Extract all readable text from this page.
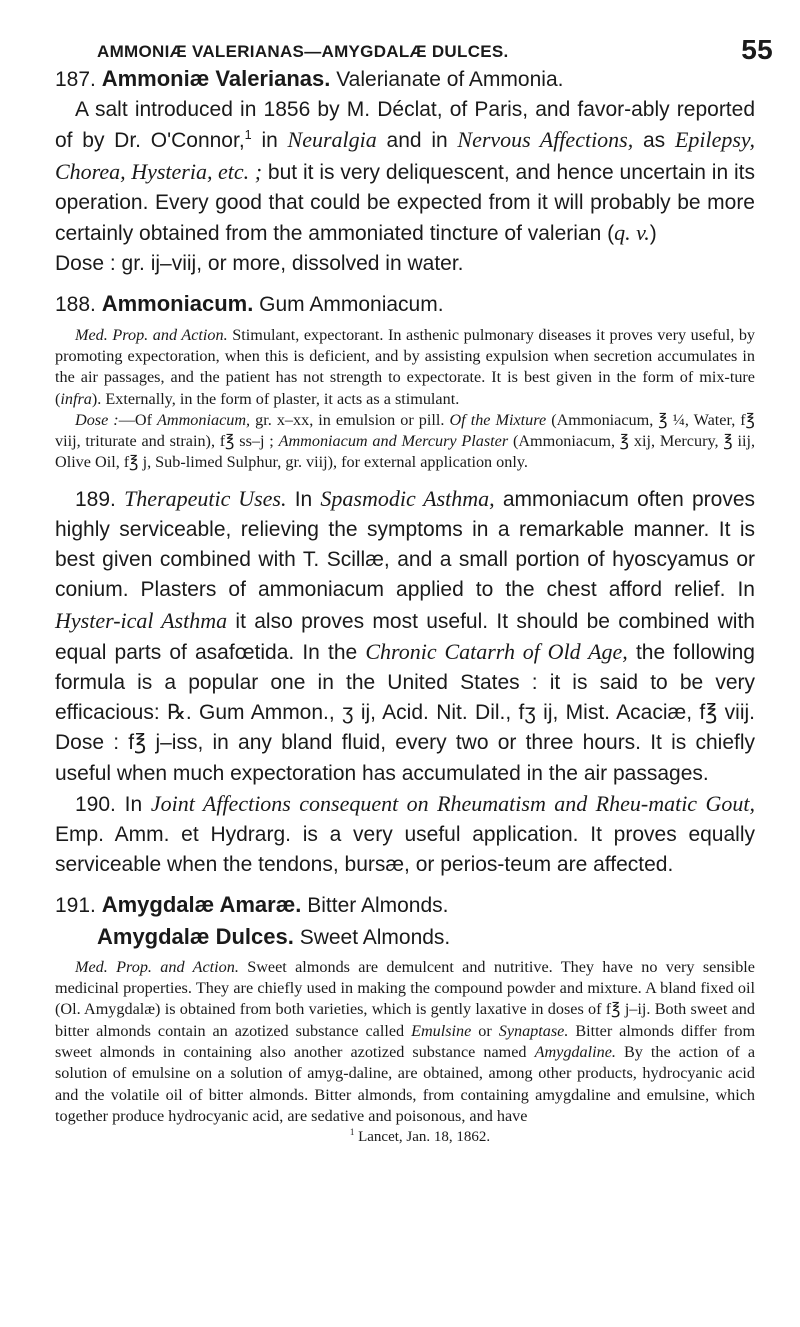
AMMONIÆ VALERIANAS—AMYGDALÆ DULCES.	55

187. Ammoniæ Valerianas. Valerianate of Ammonia.

A salt introduced in 1856 by M. Déclat, of Paris, and favor-ably reported of by Dr. O'Connor,$^1$ in Neuralgia and in Nervous Affections, as Epilepsy, Chorea, Hysteria, etc. ; but it is very deliquescent, and hence uncertain in its operation. Every good that could be expected from it will probably be more certainly obtained from the ammoniated tincture of valerian (q. v.)
Dose : gr. ij–viij, or more, dissolved in water.

188. Ammoniacum. Gum Ammoniacum.

Med. Prop. and Action. Stimulant, expectorant. In asthenic pulmonary diseases it proves very useful, by promoting expectoration, when this is deficient, and by assisting expulsion when secretion accumulates in the air passages, and the patient has not strength to expectorate. It is best given in the form of mix-ture (infra). Externally, in the form of plaster, it acts as a stimulant.

Dose :—Of Ammoniacum, gr. x–xx, in emulsion or pill. Of the Mixture (Ammoniacum, ℥ ¼, Water, f℥ viij, triturate and strain), f℥ ss–j ; Ammoniacum and Mercury Plaster (Ammoniacum, ℥ xij, Mercury, ℥ iij, Olive Oil, f℥ j, Sub-limed Sulphur, gr. viij), for external application only.

189. Therapeutic Uses. In Spasmodic Asthma, ammoniacum often proves highly serviceable, relieving the symptoms in a remarkable manner. It is best given combined with T. Scillæ, and a small portion of hyoscyamus or conium. Plasters of ammoniacum applied to the chest afford relief. In Hyster-ical Asthma it also proves most useful. It should be combined with equal parts of asafœtida. In the Chronic Catarrh of Old Age, the following formula is a popular one in the United States : it is said to be very efficacious: ℞. Gum Ammon., ʒ ij, Acid. Nit. Dil., fʒ ij, Mist. Acaciæ, f℥ viij. Dose : f℥ j–iss, in any bland fluid, every two or three hours. It is chiefly useful when much expectoration has accumulated in the air passages.

190. In Joint Affections consequent on Rheumatism and Rheu-matic Gout, Emp. Amm. et Hydrarg. is a very useful application. It proves equally serviceable when the tendons, bursæ, or perios-teum are affected.

191. Amygdalæ Amaræ. Bitter Almonds.

Amygdalæ Dulces. Sweet Almonds.

Med. Prop. and Action. Sweet almonds are demulcent and nutritive. They have no very sensible medicinal properties. They are chiefly used in making the compound powder and mixture. A bland fixed oil (Ol. Amygdalæ) is obtained from both varieties, which is gently laxative in doses of f℥ j–ij. Both sweet and bitter almonds contain an azotized substance called Emulsine or Synaptase. Bitter almonds differ from sweet almonds in containing also another azotized substance named Amygdaline. By the action of a solution of emulsine on a solution of amyg-daline, are obtained, among other products, hydrocyanic acid and the volatile oil of bitter almonds. Bitter almonds, from containing amygdaline and emulsine, which together produce hydrocyanic acid, are sedative and poisonous, and have

$^1$ Lancet, Jan. 18, 1862.
